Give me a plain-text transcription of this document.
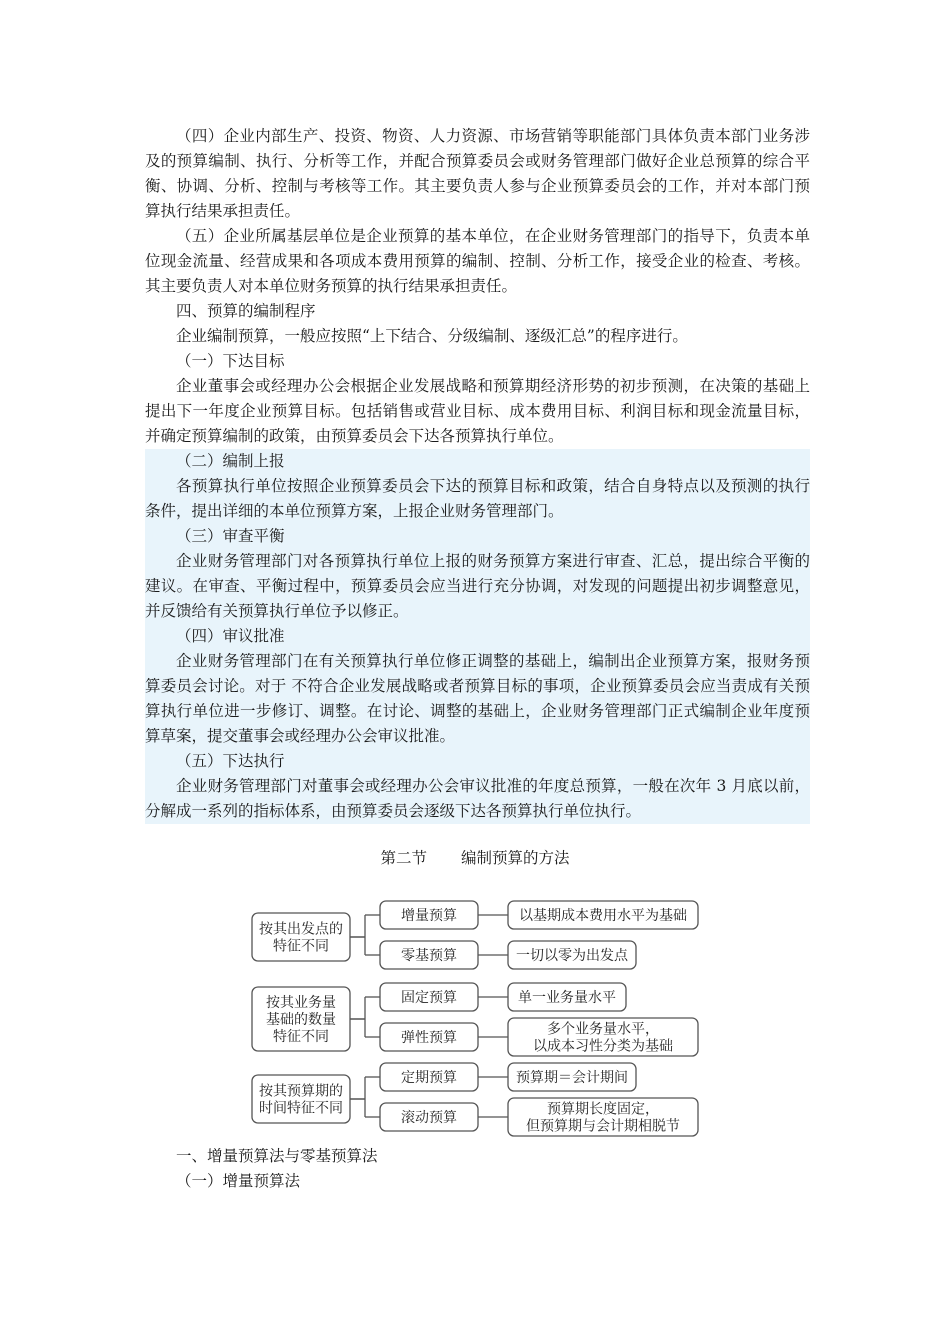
（四）企业内部生产、投资、物资、人力资源、市场营销等职能部门具体负责本部门业务涉及的预算编制、执行、分析等工作，并配合预算委员会或财务管理部门做好企业总预算的综合平衡、协调、分析、控制与考核等工作。其主要负责人参与企业预算委员会的工作，并对本部门预算执行结果承担责任。

（五）企业所属基层单位是企业预算的基本单位，在企业财务管理部门的指导下，负责本单位现金流量、经营成果和各项成本费用预算的编制、控制、分析工作，接受企业的检查、考核。其主要负责人对本单位财务预算的执行结果承担责任。

四、预算的编制程序

企业编制预算，一般应按照“上下结合、分级编制、逐级汇总”的程序进行。

（一）下达目标

企业董事会或经理办公会根据企业发展战略和预算期经济形势的初步预测，在决策的基础上提出下一年度企业预算目标。包括销售或营业目标、成本费用目标、利润目标和现金流量目标，并确定预算编制的政策，由预算委员会下达各预算执行单位。

（二）编制上报

各预算执行单位按照企业预算委员会下达的预算目标和政策，结合自身特点以及预测的执行条件，提出详细的本单位预算方案，上报企业财务管理部门。

（三）审查平衡

企业财务管理部门对各预算执行单位上报的财务预算方案进行审查、汇总，提出综合平衡的建议。在审查、平衡过程中，预算委员会应当进行充分协调，对发现的问题提出初步调整意见，并反馈给有关预算执行单位予以修正。

（四）审议批准

企业财务管理部门在有关预算执行单位修正调整的基础上，编制出企业预算方案，报财务预算委员会讨论。对于 不符合企业发展战略或者预算目标的事项，企业预算委员会应当责成有关预算执行单位进一步修订、调整。在讨论、调整的基础上，企业财务管理部门正式编制企业年度预算草案，提交董事会或经理办公会审议批准。

（五）下达执行

企业财务管理部门对董事会或经理办公会审议批准的年度总预算，一般在次年 3 月底以前，分解成一系列的指标体系，由预算委员会逐级下达各预算执行单位执行。

第二节 编制预算的方法
按其出发点的
特征不同
增量预算	以基期成本费用水平为基础
零基预算	一切以零为出发点
按其业务量
基础的数量
特征不同
固定预算	单一业务量水平
弹性预算
多个业务量水平，
以成本习性分类为基础
按其预算期的
时间特征不同
定期预算	预算期＝会计期间
滚动预算
预算期长度固定，
但预算期与会计期相脱节

一、增量预算法与零基预算法

（一）增量预算法
